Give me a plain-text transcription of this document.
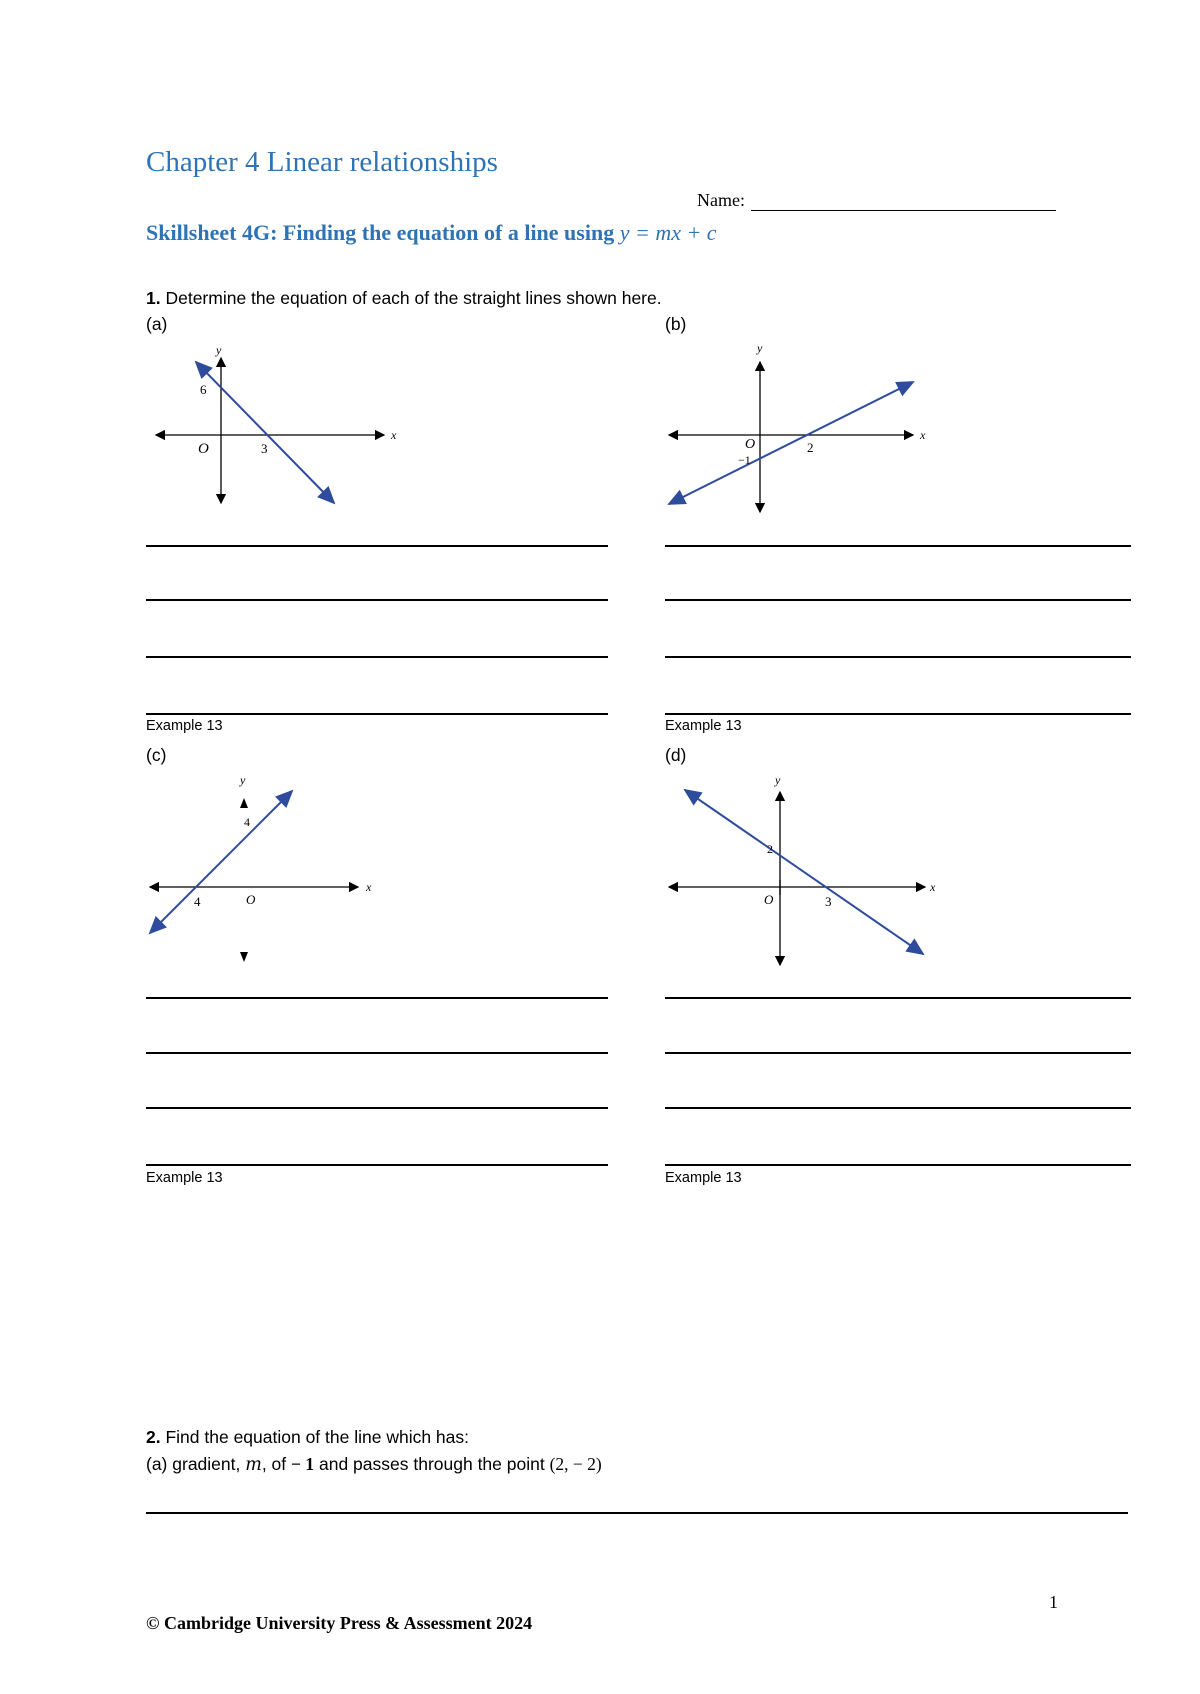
Chapter 4 Linear relationships
Name:
Skillsheet 4G: Finding the equation of a line using y = mx + c
1. Determine the equation of each of the straight lines shown here.
(a)
x
y
O
6
3
Example 13
(b)
x
y
O
−1
2
Example 13
(c)
x
y
O
4
4
Example 13
(d)
x
y
O
2
3
Example 13
2. Find the equation of the line which has:
(a) gradient, m, of − 1 and passes through the point (2, − 2)
1
© Cambridge University Press & Assessment 2024
